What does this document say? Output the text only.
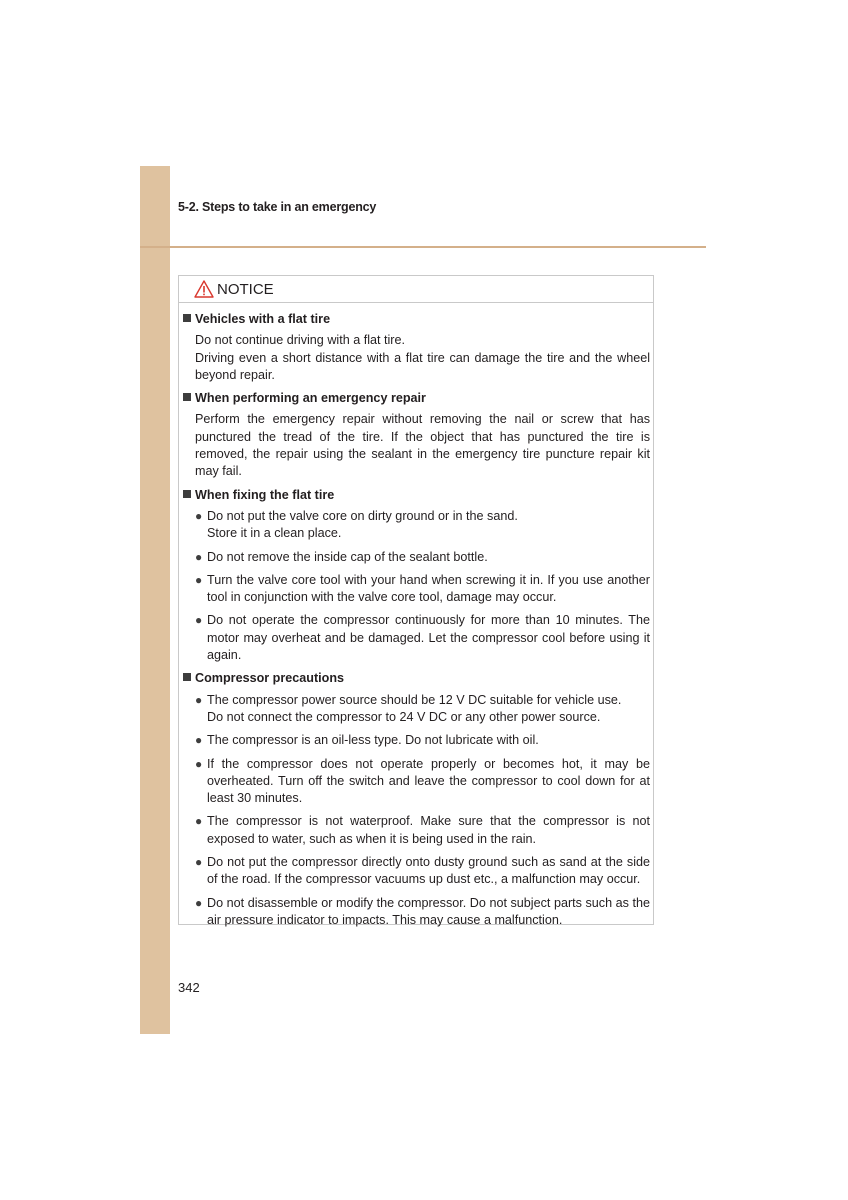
5-2. Steps to take in an emergency
NOTICE
Vehicles with a flat tire

Do not continue driving with a flat tire.

Driving even a short distance with a flat tire can damage the tire and the wheel beyond repair.

When performing an emergency repair

Perform the emergency repair without removing the nail or screw that has punctured the tread of the tire. If the object that has punctured the tire is removed, the repair using the sealant in the emergency tire puncture repair kit may fail.

When fixing the flat tire
● Do not put the valve core on dirty ground or in the sand.

Store it in a clean place.

● Do not remove the inside cap of the sealant bottle.

● Turn the valve core tool with your hand when screwing it in. If you use another tool in conjunction with the valve core tool, damage may occur.

● Do not operate the compressor continuously for more than 10 minutes. The motor may overheat and be damaged. Let the compressor cool before using it again.

Compressor precautions
● The compressor power source should be 12 V DC suitable for vehicle use.

Do not connect the compressor to 24 V DC or any other power source.

● The compressor is an oil-less type. Do not lubricate with oil.

● If the compressor does not operate properly or becomes hot, it may be overheated. Turn off the switch and leave the compressor to cool down for at least 30 minutes.

● The compressor is not waterproof. Make sure that the compressor is not exposed to water, such as when it is being used in the rain.

● Do not put the compressor directly onto dusty ground such as sand at the side of the road. If the compressor vacuums up dust etc., a malfunction may occur.

● Do not disassemble or modify the compressor. Do not subject parts such as the air pressure indicator to impacts. This may cause a malfunction.

342
